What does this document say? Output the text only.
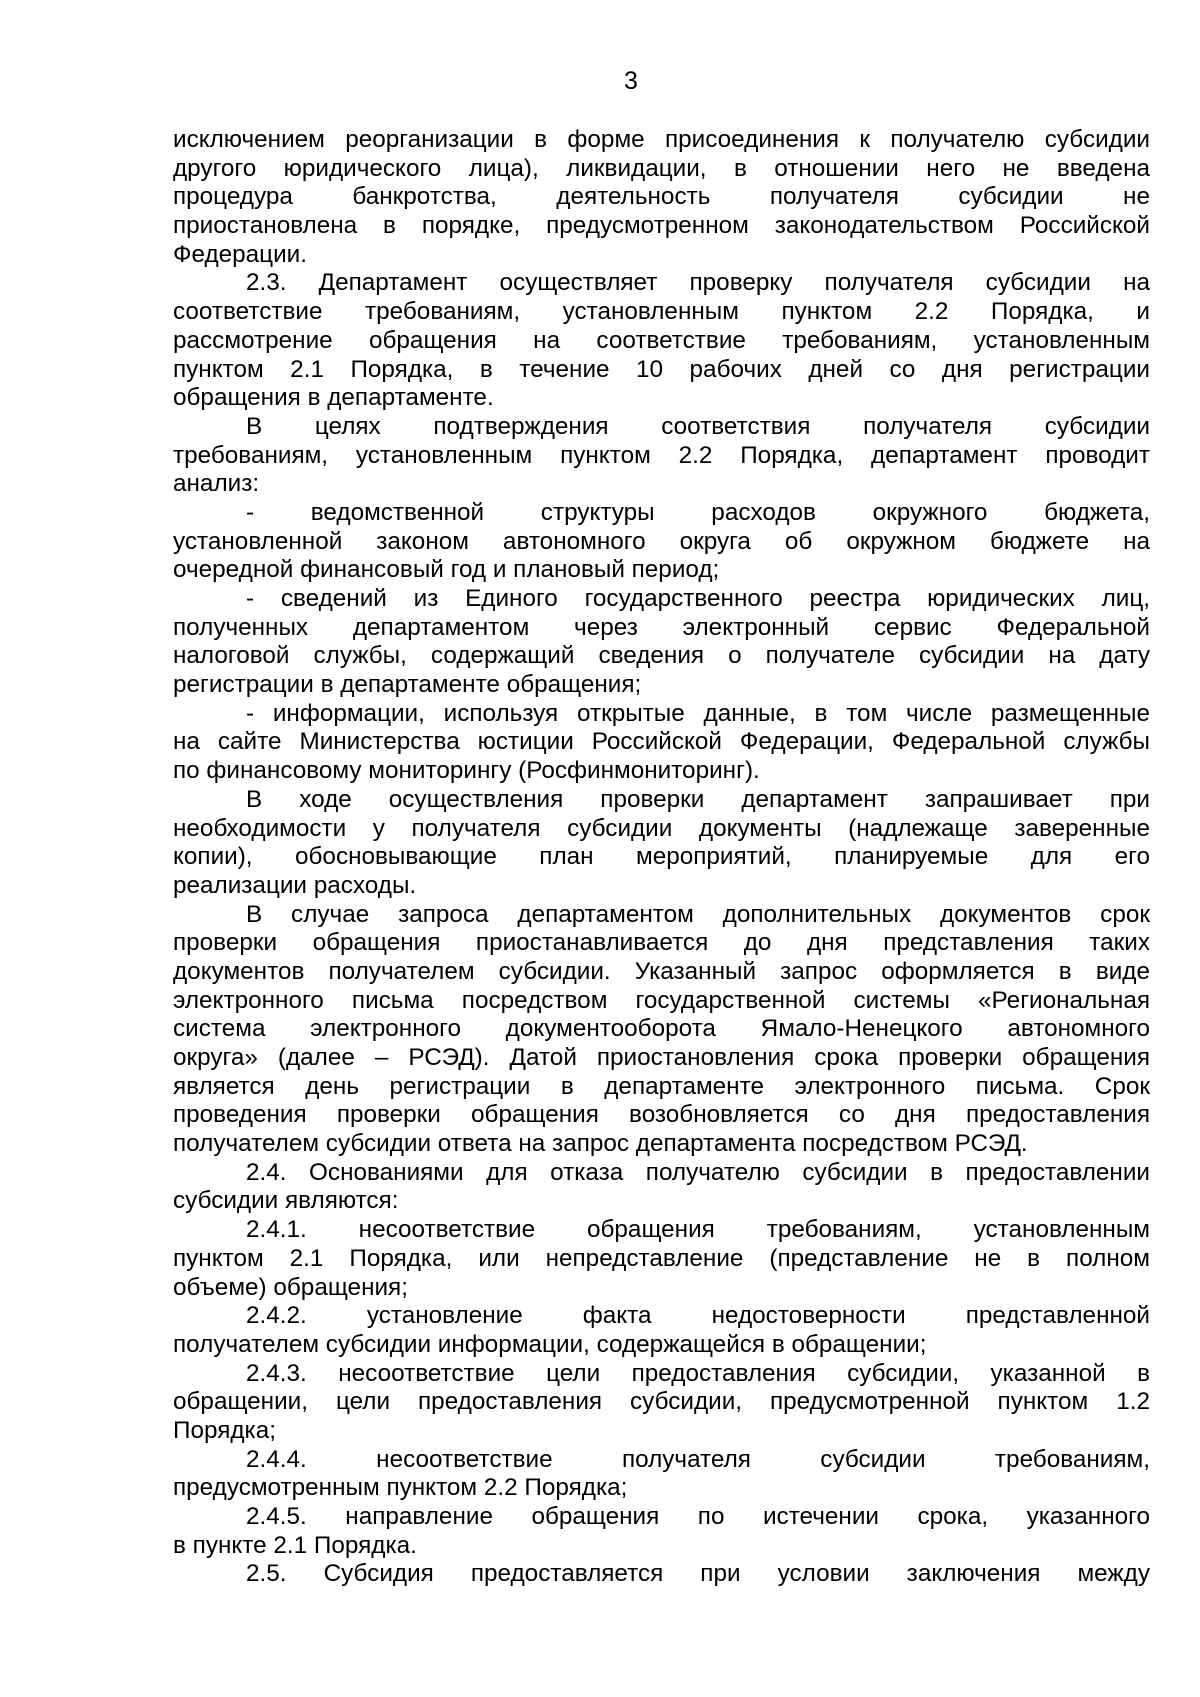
3
исключением реорганизации в форме присоединения к получателю субсидии
другого юридического лица), ликвидации, в отношении него не введена
процедура банкротства, деятельность получателя субсидии не
приостановлена в порядке, предусмотренном законодательством Российской
Федерации.
2.3. Департамент осуществляет проверку получателя субсидии на
соответствие требованиям, установленным пунктом 2.2 Порядка, и
рассмотрение обращения на соответствие требованиям, установленным
пунктом 2.1 Порядка, в течение 10 рабочих дней со дня регистрации
обращения в департаменте.
В целях подтверждения соответствия получателя субсидии
требованиям, установленным пунктом 2.2 Порядка, департамент проводит
анализ:
- ведомственной структуры расходов окружного бюджета,
установленной законом автономного округа об окружном бюджете на
очередной финансовый год и плановый период;
- сведений из Единого государственного реестра юридических лиц,
полученных департаментом через электронный сервис Федеральной
налоговой службы, содержащий сведения о получателе субсидии на дату
регистрации в департаменте обращения;
- информации, используя открытые данные, в том числе размещенные
на сайте Министерства юстиции Российской Федерации, Федеральной службы
по финансовому мониторингу (Росфинмониторинг).
В ходе осуществления проверки департамент запрашивает при
необходимости у получателя субсидии документы (надлежаще заверенные
копии), обосновывающие план мероприятий, планируемые для его
реализации расходы.
В случае запроса департаментом дополнительных документов срок
проверки обращения приостанавливается до дня представления таких
документов получателем субсидии. Указанный запрос оформляется в виде
электронного письма посредством государственной системы «Региональная
система электронного документооборота Ямало-Ненецкого автономного
округа» (далее – РСЭД). Датой приостановления срока проверки обращения
является день регистрации в департаменте электронного письма. Срок
проведения проверки обращения возобновляется со дня предоставления
получателем субсидии ответа на запрос департамента посредством РСЭД.
2.4. Основаниями для отказа получателю субсидии в предоставлении
субсидии являются:
2.4.1. несоответствие обращения требованиям, установленным
пунктом 2.1 Порядка, или непредставление (представление не в полном
объеме) обращения;
2.4.2. установление факта недостоверности представленной
получателем субсидии информации, содержащейся в обращении;
2.4.3. несоответствие цели предоставления субсидии, указанной в
обращении, цели предоставления субсидии, предусмотренной пунктом 1.2
Порядка;
2.4.4. несоответствие получателя субсидии требованиям,
предусмотренным пунктом 2.2 Порядка;
2.4.5. направление обращения по истечении срока, указанного
в пункте 2.1 Порядка.
2.5. Субсидия предоставляется при условии заключения между
